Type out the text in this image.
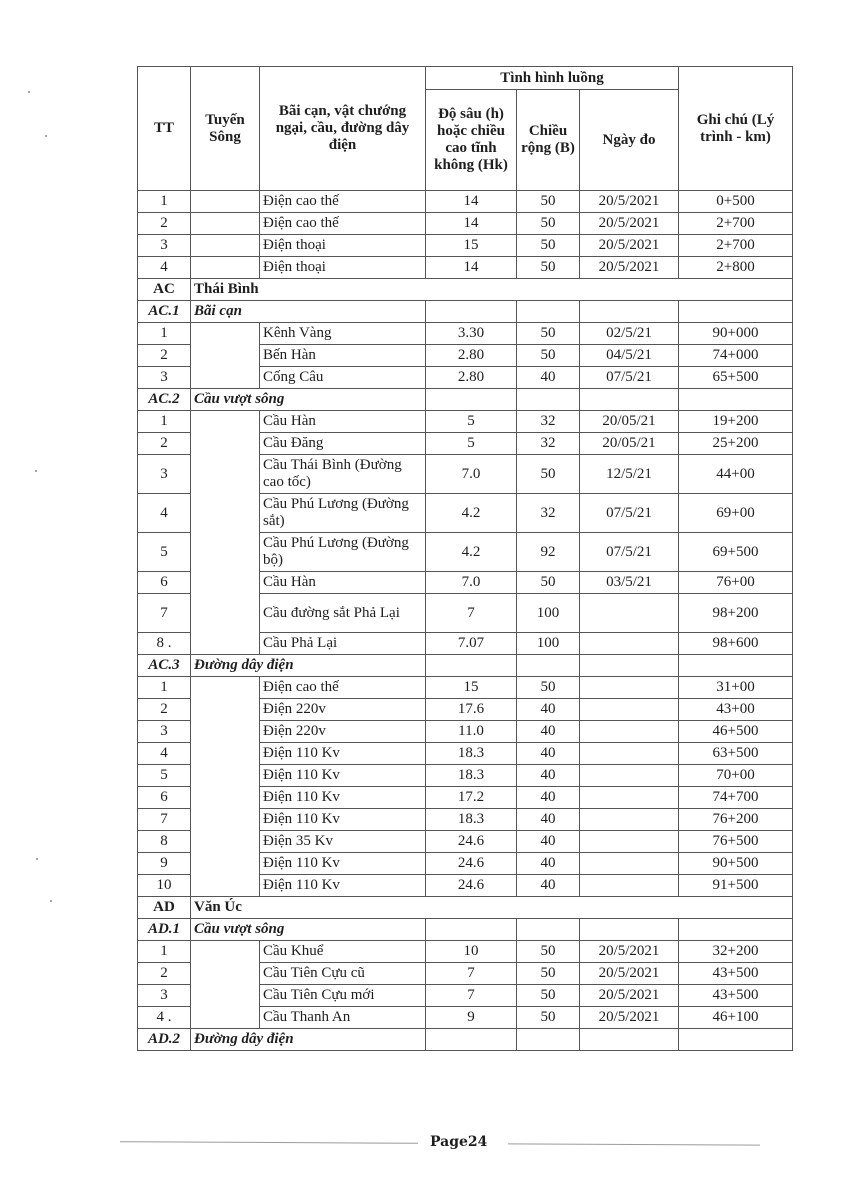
TT	Tuyến Sông	Bãi cạn, vật chướng ngại, cầu, đường dây điện	Tình hình luồng			Ghi chú (Lý trình - km)
			Độ sâu (h) hoặc chiều cao tĩnh không (Hk)	Chiều rộng (B)	Ngày đo	
1		Điện cao thế	14	50	20/5/2021	0+500
2		Điện cao thế	14	50	20/5/2021	2+700
3		Điện thoại	15	50	20/5/2021	2+700
4		Điện thoại	14	50	20/5/2021	2+800
AC	Thái Bình					
AC.1	Bãi cạn					
1		Kênh Vàng	3.30	50	02/5/21	90+000
2		Bến Hàn	2.80	50	04/5/21	74+000
3		Cống Câu	2.80	40	07/5/21	65+500
AC.2	Cầu vượt sông					
1		Cầu Hàn	5	32	20/05/21	19+200
2		Cầu Đăng	5	32	20/05/21	25+200
3		Cầu Thái Bình (Đường cao tốc)	7.0	50	12/5/21	44+00
4		Cầu Phú Lương (Đường sắt)	4.2	32	07/5/21	69+00
5		Cầu Phú Lương (Đường bộ)	4.2	92	07/5/21	69+500
6		Cầu Hàn	7.0	50	03/5/21	76+00
7		Cầu đường sắt Phả Lại	7	100		98+200
8 .		Cầu Phả Lại	7.07	100		98+600
AC.3	Đường dây điện					
1		Điện cao thế	15	50		31+00
2		Điện 220v	17.6	40		43+00
3		Điện 220v	11.0	40		46+500
4		Điện 110 Kv	18.3	40		63+500
5		Điện 110 Kv	18.3	40		70+00
6		Điện 110 Kv	17.2	40		74+700
7		Điện 110 Kv	18.3	40		76+200
8		Điện 35 Kv	24.6	40		76+500
9		Điện 110 Kv	24.6	40		90+500
10		Điện 110 Kv	24.6	40		91+500
AD	Văn Úc					
AD.1	Cầu vượt sông					
1		Cầu Khuể	10	50	20/5/2021	32+200
2		Cầu Tiên Cựu cũ	7	50	20/5/2021	43+500
3		Cầu Tiên Cựu mới	7	50	20/5/2021	43+500
4 .		Cầu Thanh An	9	50	20/5/2021	46+100
AD.2	Đường dây điện					
Page24
